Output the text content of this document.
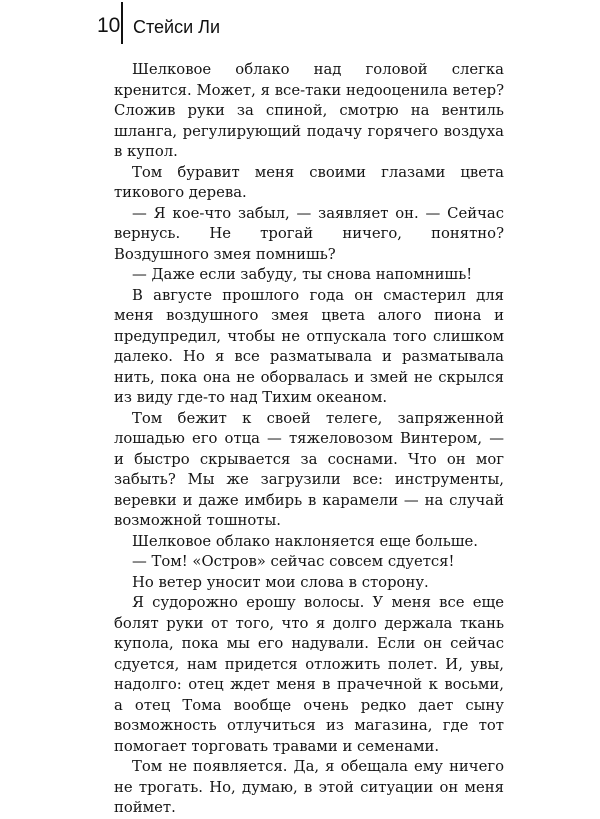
10 Стейси Ли

Шелковое облако над головой слегка кренится. Может, я все-таки недооценила ветер? Сложив руки за спиной, смотрю на вентиль шланга, регулирующий подачу горячего воздуха в купол.

Том буравит меня своими глазами цвета тикового дерева.

— Я кое-что забыл, — заявляет он. — Сейчас вернусь. Не трогай ничего, понятно? Воздушного змея помнишь?

— Даже если забуду, ты снова напомнишь!

В августе прошлого года он смастерил для меня воздушного змея цвета алого пиона и предупредил, чтобы не отпускала того слишком далеко. Но я все разматывала и разматывала нить, пока она не оборвалась и змей не скрылся из виду где-то над Тихим океаном.

Том бежит к своей телеге, запряженной лошадью его отца — тяжеловозом Винтером, — и быстро скрывается за соснами. Что он мог забыть? Мы же загрузили все: инструменты, веревки и даже имбирь в карамели — на случай возможной тошноты.

Шелковое облако наклоняется еще больше.

— Том! «Остров» сейчас совсем сдуется!

Но ветер уносит мои слова в сторону.

Я судорожно ерошу волосы. У меня все еще болят руки от того, что я долго держала ткань купола, пока мы его надували. Если он сейчас сдуется, нам придется отложить полет. И, увы, надолго: отец ждет меня в прачечной к восьми, а отец Тома вообще очень редко дает сыну возможность отлучиться из магазина, где тот помогает торговать травами и семенами.

Том не появляется. Да, я обещала ему ничего не трогать. Но, думаю, в этой ситуации он меня поймет.
